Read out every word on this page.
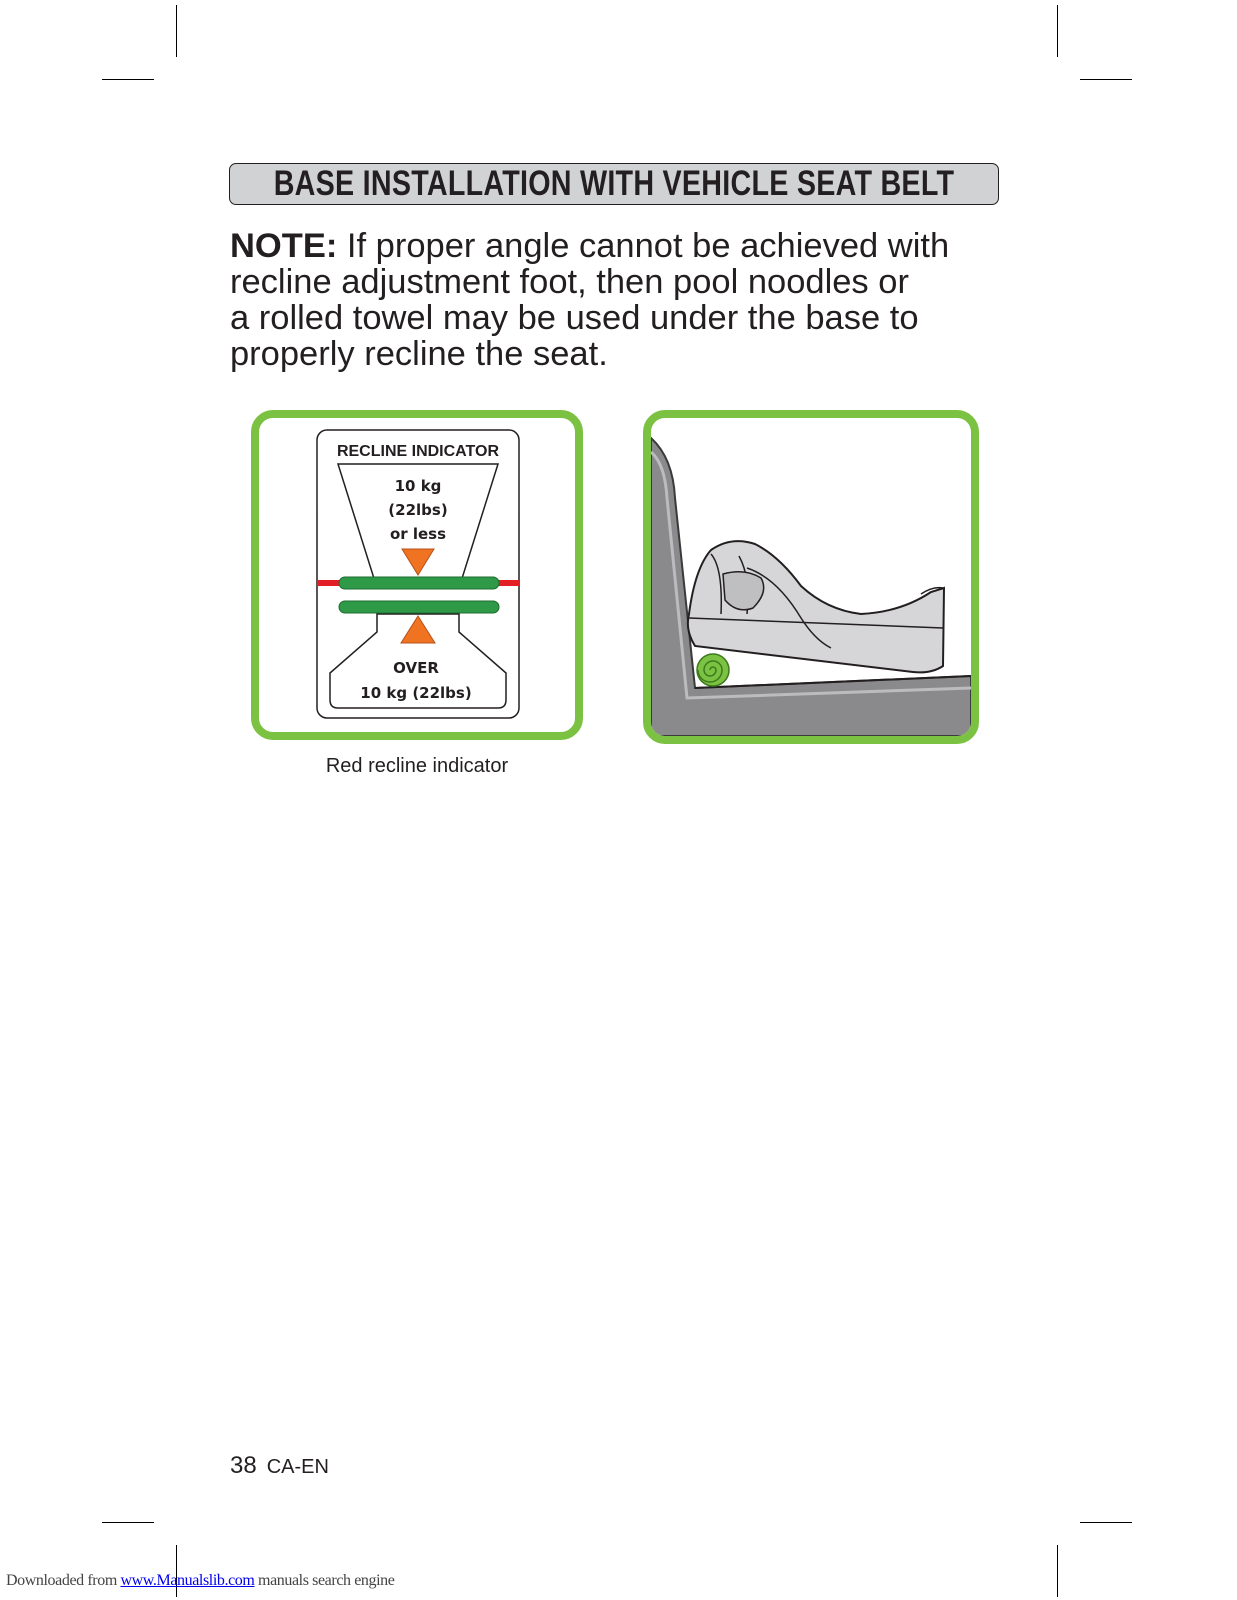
BASE INSTALLATION WITH VEHICLE SEAT BELT
NOTE: If proper angle cannot be achieved with
recline adjustment foot, then pool noodles or
a rolled towel may be used under the base to
properly recline the seat.
RECLINE INDICATOR
10 kg
(22lbs)
or less
OVER
10 kg (22lbs)
Red recline indicator
38 CA-EN
Downloaded from www.Manualslib.com manuals search engine
